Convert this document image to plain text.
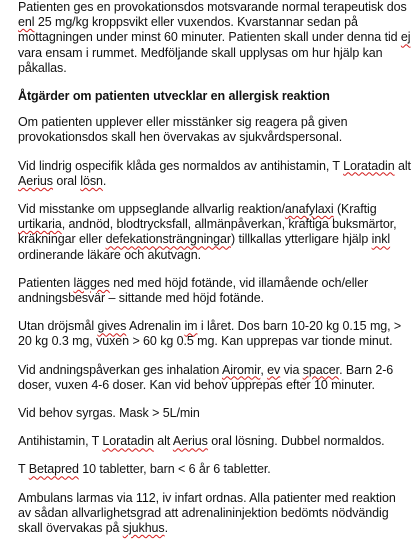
Patienten ges en provokationsdos motsvarande normal terapeutisk dos enl 25 mg/kg kroppsvikt eller vuxendos. Kvarstannar sedan på mottagningen under minst 60 minuter. Patienten skall under denna tid ej vara ensam i rummet. Medföljande skall upplysas om hur hjälp kan påkallas.

Åtgärder om patienten utvecklar en allergisk reaktion

Om patienten upplever eller misstänker sig reagera på given provokationsdos skall hen övervakas av sjukvårdspersonal.

Vid lindrig ospecifik klåda ges normaldos av antihistamin, T Loratadin alt Aerius oral lösn.

Vid misstanke om uppseglande allvarlig reaktion/anafylaxi (Kraftig urtikaria, andnöd, blodtrycksfall, allmänpåverkan, kraftiga buksmärtor, kräkningar eller defekationsträngningar) tillkallas ytterligare hjälp inkl ordinerande läkare och akutvagn.

Patienten lägges ned med höjd fotände, vid illamående och/eller andningsbesvär – sittande med höjd fotände.

Utan dröjsmål gives Adrenalin im i låret. Dos barn 10-20 kg 0.15 mg, > 20 kg 0.3 mg, vuxen > 60 kg 0.5 mg. Kan upprepas var tionde minut.

Vid andningspåverkan ges inhalation Airomir, ev via spacer. Barn 2-6 doser, vuxen 4-6 doser. Kan vid behov upprepas efter 10 minuter.

Vid behov syrgas. Mask > 5L/min

Antihistamin, T Loratadin alt Aerius oral lösning. Dubbel normaldos.

T Betapred 10 tabletter, barn < 6 år 6 tabletter.

Ambulans larmas via 112, iv infart ordnas. Alla patienter med reaktion av sådan allvarlighetsgrad att adrenalininjektion bedömts nödvändig skall övervakas på sjukhus.
